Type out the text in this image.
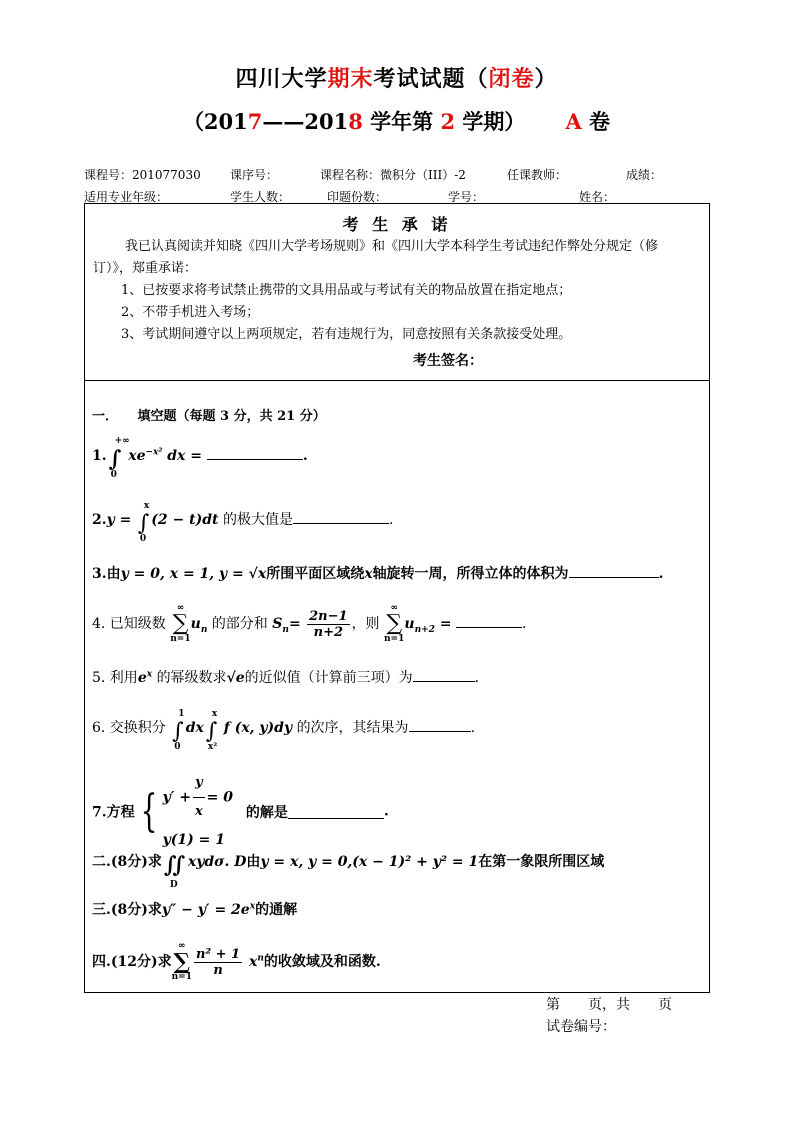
四川大学期末考试试题（闭卷）
（2017——2018 学年第 2 学期） A 卷
课程号：201077030 课序号：	课程名称：微积分（III）-2	任课教师：	成绩：
适用专业年级：	学生人数：	印题份数：	学号：	姓名：
考 生 承 诺
我已认真阅读并知晓《四川大学考场规则》和《四川大学本科学生考试违纪作弊处分规定（修
订）》，郑重承诺：
1、已按要求将考试禁止携带的文具用品或与考试有关的物品放置在指定地点；
2、不带手机进入考场；
3、考试期间遵守以上两项规定，若有违规行为，同意按照有关条款接受处理。
考生签名：
一．　　填空题（每题 3 分，共 21 分）
1.∫
+∞
0
$xe^{-x^2}$ dx =	.
2.y = ∫
x
0
(2 − t)dt 的极大值是	.
3.由y = 0, x = 1, y = √x所围平面区域绕x轴旋转一周，所得立体的体积为	.
4. 已知级数
∞
∑
n=1
$u_n$ 的部分和 $S_n= \frac{2n-1}{n+2}$ ，则
∞
∑
n=1
$u_{n+2}$ =	.
5. 利用$e^x$ 的幂级数求√e的近似值（计算前三项）为	.
6. 交换积分 ∫
1
0
dx∫
x
x²
f (x, y)dy 的次序，其结果为	.
7.方程 { $y' + \frac{y}{x} = 0$
y(1) = 1
的解是	.
二.(8分)求∬
D
xydσ. D由y = x, y = 0,(x − 1)² + y² = 1在第一象限所围区域
三.(8分)求$y'' - y' = 2e^x$的通解
四.(12分)求
∞
∑
$n=1 \frac{\text{n² + 1}}{n} x^n$的收敛域及和函数.
第　　页，共　　页
试卷编号：
